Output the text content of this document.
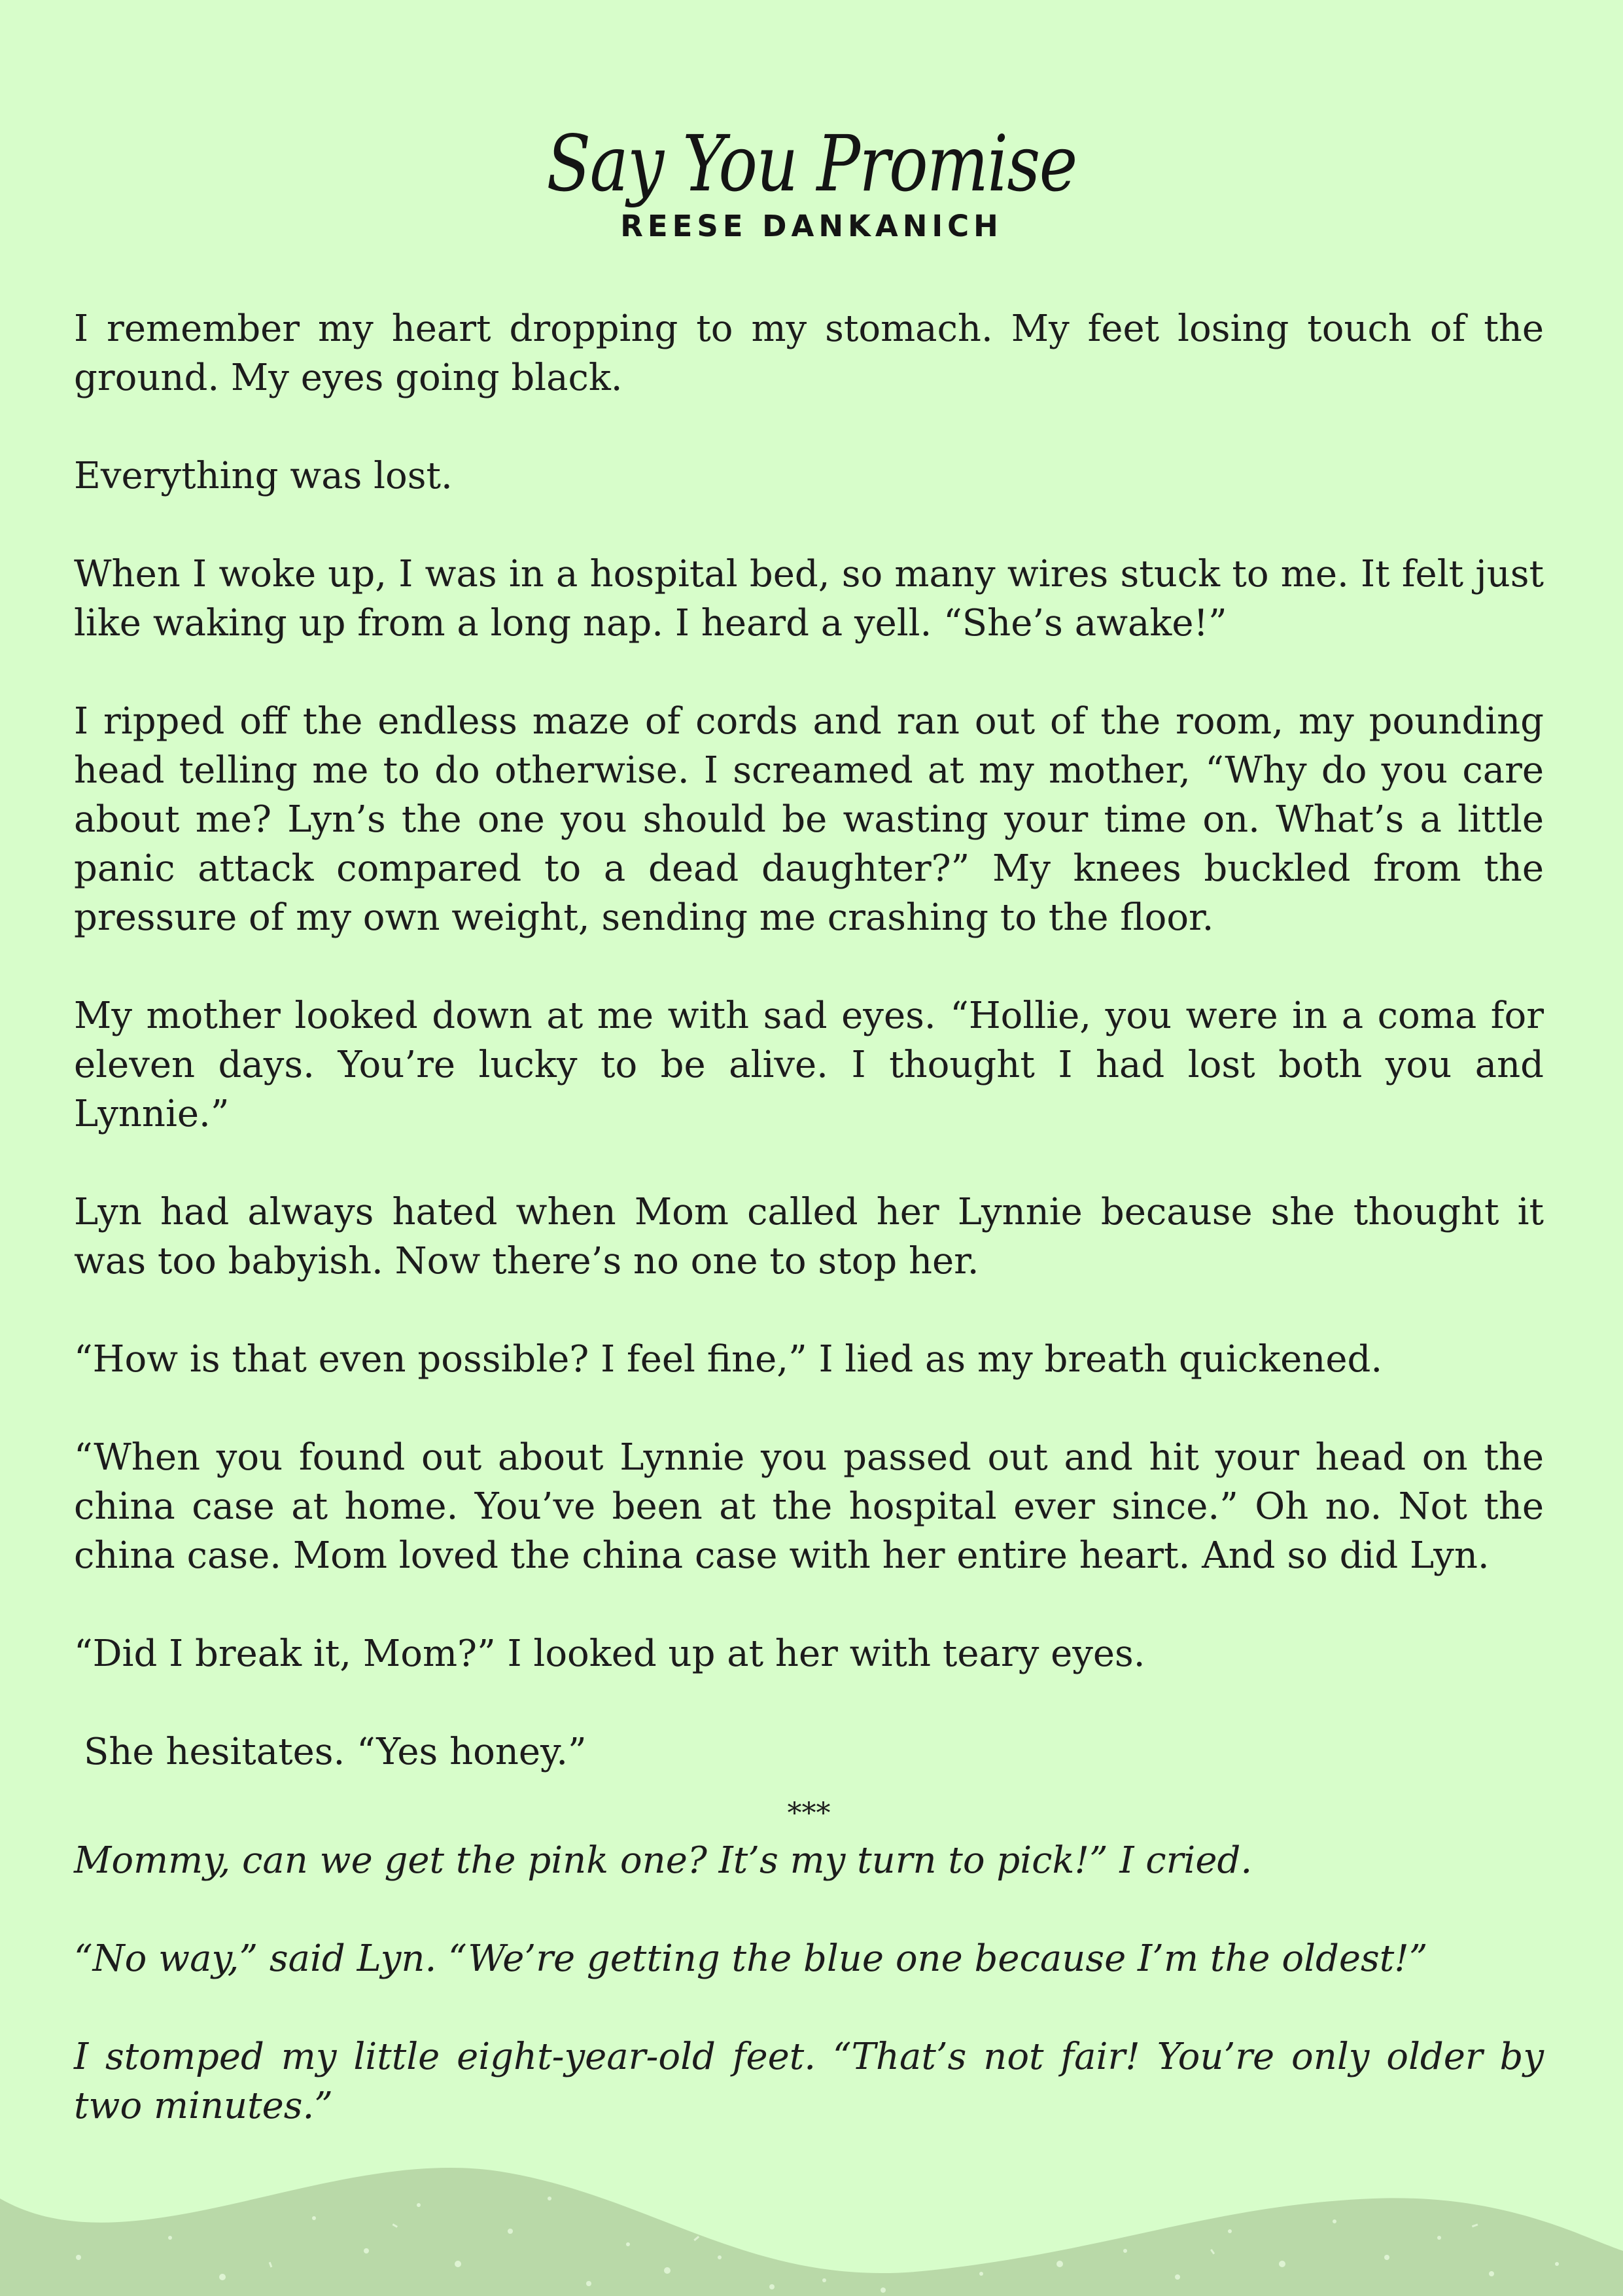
Say You Promise
REESE DANKANICH

I remember my heart dropping to my stomach. My feet losing touch of the ground. My eyes going black.

Everything was lost.

When I woke up, I was in a hospital bed, so many wires stuck to me. It felt just like waking up from a long nap. I heard a yell. “She’s awake!”

I ripped off the endless maze of cords and ran out of the room, my pounding head telling me to do otherwise. I screamed at my mother, “Why do you care about me? Lyn’s the one you should be wasting your time on. What’s a little panic attack compared to a dead daughter?” My knees buckled from the pressure of my own weight, sending me crashing to the floor.

My mother looked down at me with sad eyes. “Hollie, you were in a coma for eleven days. You’re lucky to be alive. I thought I had lost both you and Lynnie.”

Lyn had always hated when Mom called her Lynnie because she thought it was too babyish. Now there’s no one to stop her.

“How is that even possible? I feel fine,” I lied as my breath quickened.

“When you found out about Lynnie you passed out and hit your head on the china case at home. You’ve been at the hospital ever since.” Oh no. Not the china case. Mom loved the china case with her entire heart. And so did Lyn.

“Did I break it, Mom?” I looked up at her with teary eyes.

She hesitates. “Yes honey.”

***

Mommy, can we get the pink one? It’s my turn to pick!” I cried.

“No way,” said Lyn. “We’re getting the blue one because I’m the oldest!”

I stomped my little eight-year-old feet. “That’s not fair! You’re only older by two minutes.”
